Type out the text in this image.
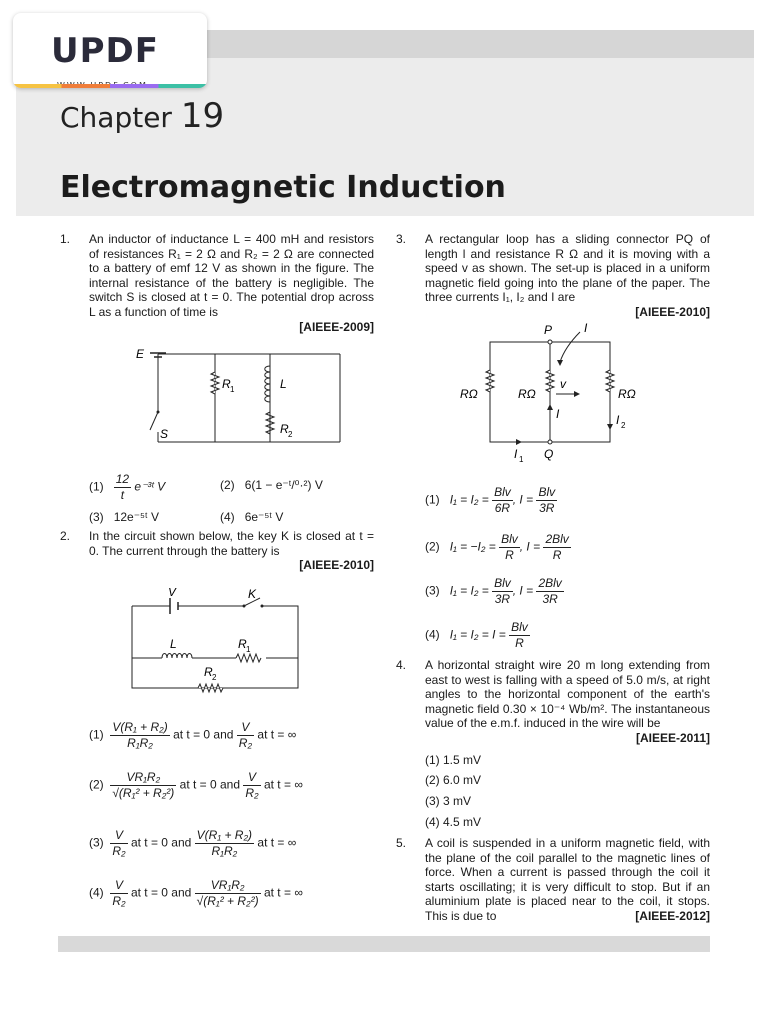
UPDF
Chapter 19
Electromagnetic Induction
1. An inductor of inductance L = 400 mH and resistors of resistances R₁ = 2 Ω and R₂ = 2 Ω are connected to a battery of emf 12 V as shown in the figure. The internal resistance of the battery is negligible. The switch S is closed at t = 0. The potential drop across L as a function of time is
[AIEEE-2009]
E
R 1	L
R 2
S
$(1) \frac{12}{t}$ e⁻³ᵗ V	(2) 6(1 − e⁻ᵗ/⁰·²) V
(3) 12e⁻⁵ᵗ V	(4) 6e⁻⁵ᵗ V
2. In the circuit shown below, the key K is closed at t = 0. The current through the battery is
[AIEEE-2010]
V	K
L	R 1
R 2
$(1) \frac{\text{V(R₁ + R₂)}}{\text{R₁R₂}}$ at t = 0 and $\frac{V}{\text{R₂}}$ at t = ∞
$(2) \frac{\text{VR₁R₂}}{\text{√(R₁² + R₂²)}}$ at t = 0 and $\frac{V}{\text{R₂}}$ at t = ∞
$(3) \frac{V}{\text{R₂}}$ at t = 0 and $\frac{\text{V(R₁ + R₂)}}{\text{R₁R₂}}$ at t = ∞
$(4) \frac{V}{\text{R₂}}$ at t = 0 and $\frac{\text{VR₁R₂}}{\text{√(R₁² + R₂²)}}$ at t = ∞
3. A rectangular loop has a sliding connector PQ of length l and resistance R Ω and it is moving with a speed v as shown. The set-up is placed in a uniform magnetic field going into the plane of the paper. The three currents I₁, I₂ and I are
[AIEEE-2010]
P	I
RΩ	RΩ	RΩ
v
I	I 2
I 1 Q
(1) $I_1 = I_2 = \frac{\text{Blv}}{6R}$ , $I = \frac{\text{Blv}}{3R}$
(2) $I_1 = -I_2 = \frac{\text{Blv}}{R}$ , $I = \frac{\text{2Blv}}{R}$
(3) $I_1 = I_2 = \frac{\text{Blv}}{3R}$ , $I = \frac{\text{2Blv}}{3R}$
(4) $I_1 = I_2 = I = \frac{\text{Blv}}{R}$
4. A horizontal straight wire 20 m long extending from east to west is falling with a speed of 5.0 m/s, at right angles to the horizontal component of the earth's magnetic field 0.30 × 10⁻⁴ Wb/m². The instantaneous value of the e.m.f. induced in the wire will be
[AIEEE-2011]
(1) 1.5 mV
(2) 6.0 mV
(3) 3 mV
(4) 4.5 mV
5. A coil is suspended in a uniform magnetic field, with the plane of the coil parallel to the magnetic lines of force. When a current is passed through the coil it starts oscillating; it is very difficult to stop. But if an aluminium plate is placed near to the coil, it stops. This is due to	[AIEEE-2012]
